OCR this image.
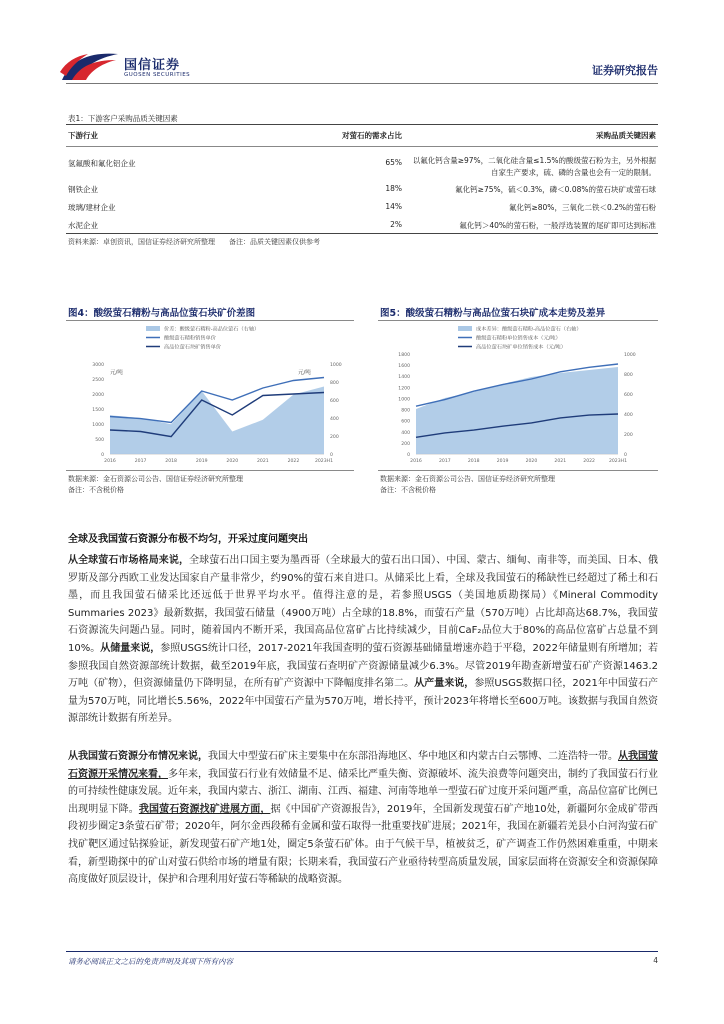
国信证券
GUOSEN SECURITIES	证券研究报告
表1：下游客户采购品质关键因素
下游行业	对萤石的需求占比	采购品质关键因素
氢氟酸和氟化铝企业	65%	以氟化钙含量≥97%，二氧化硅含量≤1.5%的酸级萤石粉为主，另外根据自家生产要求，硫、磷的含量也会有一定的限制。
钢铁企业	18%	氟化钙≥75%，硫＜0.3%，磷＜0.08%的萤石块矿或萤石球
玻璃/建材企业	14%	氟化钙≥80%，三氧化二铁＜0.2%的萤石粉
水泥企业	2%	氟化钙＞40%的萤石粉，一般浮选装置的尾矿即可达到标准
资料来源：卓创资讯，国信证券经济研究所整理　　备注：品质关键因素仅供参考
图4：酸级萤石精粉与高品位萤石块矿价差图
价差：酸级萤石精粉-高品位萤石（右轴）
酸级萤石精粉销售单价
高品位萤石块矿销售单价
0
500
1000
1500
2000
2500
3000
0
200
400
600
800
1000
2016	2017	2018	2019	2020	2021	2022	2023H1
元/吨	元/吨
数据来源：金石资源公司公告、国信证券经济研究所整理
备注：不含税价格
图5：酸级萤石精粉与高品位萤石块矿成本走势及差异
成本差异：酸级萤石精粉-高品位萤石（右轴）
酸级萤石精粉单位销售成本（元/吨）
高品位萤石块矿单位销售成本（元/吨）
0
200
400
600
800
1000
1200
1400
1600
1800
0
200
400
600
800
1000
2016	2017	2018	2019	2020	2021	2022	2023H1
数据来源：金石资源公司公告、国信证券经济研究所整理
备注：不含税价格
全球及我国萤石资源分布极不均匀，开采过度问题突出
从全球萤石市场格局来说，全球萤石出口国主要为墨西哥（全球最大的萤石出口国）、中国、蒙古、缅甸、南非等，而美国、日本、俄罗斯及部分西欧工业发达国家自产量非常少，约90%的萤石来自进口。从储采比上看，全球及我国萤石的稀缺性已经超过了稀土和石墨，而且我国萤石储采比还远低于世界平均水平。值得注意的是，若参照USGS（美国地质勘探局）《Mineral Commodity Summaries 2023》最新数据，我国萤石储量（4900万吨）占全球的18.8%，而萤石产量（570万吨）占比却高达68.7%，我国萤石资源流失问题凸显。同时，随着国内不断开采，我国高品位富矿占比持续减少，目前CaF₂品位大于80%的高品位富矿占总量不到10%。从储量来说，参照USGS统计口径，2017-2021年我国查明的萤石资源基础储量增速亦趋于平稳，2022年储量则有所增加；若参照我国自然资源部统计数据，截至2019年底，我国萤石查明矿产资源储量减少6.3%。尽管2019年勘查新增萤石矿产资源1463.2万吨（矿物），但资源储量仍下降明显，在所有矿产资源中下降幅度排名第二。从产量来说，参照USGS数据口径，2021年中国萤石产量为570万吨，同比增长5.56%，2022年中国萤石产量为570万吨，增长持平，预计2023年将增长至600万吨。该数据与我国自然资源部统计数据有所差异。
从我国萤石资源分布情况来说，我国大中型萤石矿床主要集中在东部沿海地区、华中地区和内蒙古白云鄂博、二连浩特一带。从我国萤石资源开采情况来看，多年来，我国萤石行业有效储量不足、储采比严重失衡、资源破坏、流失浪费等问题突出，制约了我国萤石行业的可持续性健康发展。近年来，我国内蒙古、浙江、湖南、江西、福建、河南等地单一型萤石矿过度开采问题严重，高品位富矿比例已出现明显下降。我国萤石资源找矿进展方面，据《中国矿产资源报告》，2019年，全国新发现萤石矿产地10处，新疆阿尔金成矿带西段初步圈定3条萤石矿带；2020年，阿尔金西段稀有金属和萤石取得一批重要找矿进展；2021年，我国在新疆若羌县小白河沟萤石矿找矿靶区通过钻探验证，新发现萤石矿产地1处，圈定5条萤石矿体。由于气候干旱，植被贫乏，矿产调查工作仍然困难重重，中期来看，新型勘探中的矿山对萤石供给市场的增量有限；长期来看，我国萤石产业亟待转型高质量发展，国家层面将在资源安全和资源保障高度做好顶层设计，保护和合理利用好萤石等稀缺的战略资源。
请务必阅读正文之后的免责声明及其项下所有内容	4
